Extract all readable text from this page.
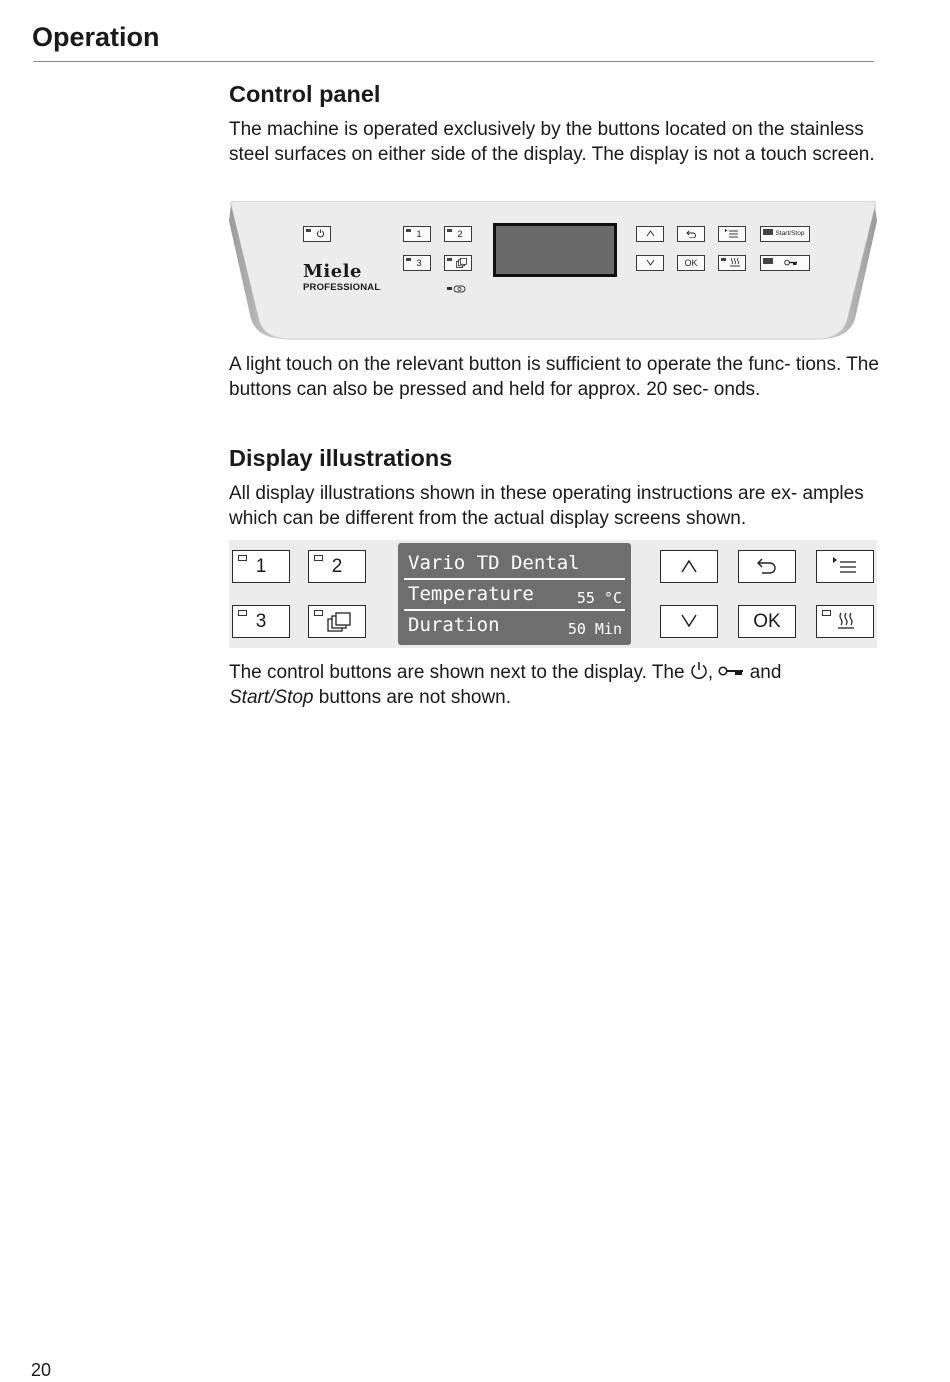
Operation
Control panel

The machine is operated exclusively by the buttons located on the stainless steel surfaces on either side of the display. The display is not a touch screen.

1	2
3
Miele
PROFESSIONAL
Start/Stop
OK

A light touch on the relevant button is sufficient to operate the func- tions. The buttons can also be pressed and held for approx. 20 sec- onds.

Display illustrations

All display illustrations shown in these operating instructions are ex- amples which can be different from the actual display screens shown.

1	2
3
Vario TD Dental
Temperature	55 °C
Duration	50 Min	OK

The control buttons are shown next to the display. The , and
Start/Stop buttons are not shown.

20
